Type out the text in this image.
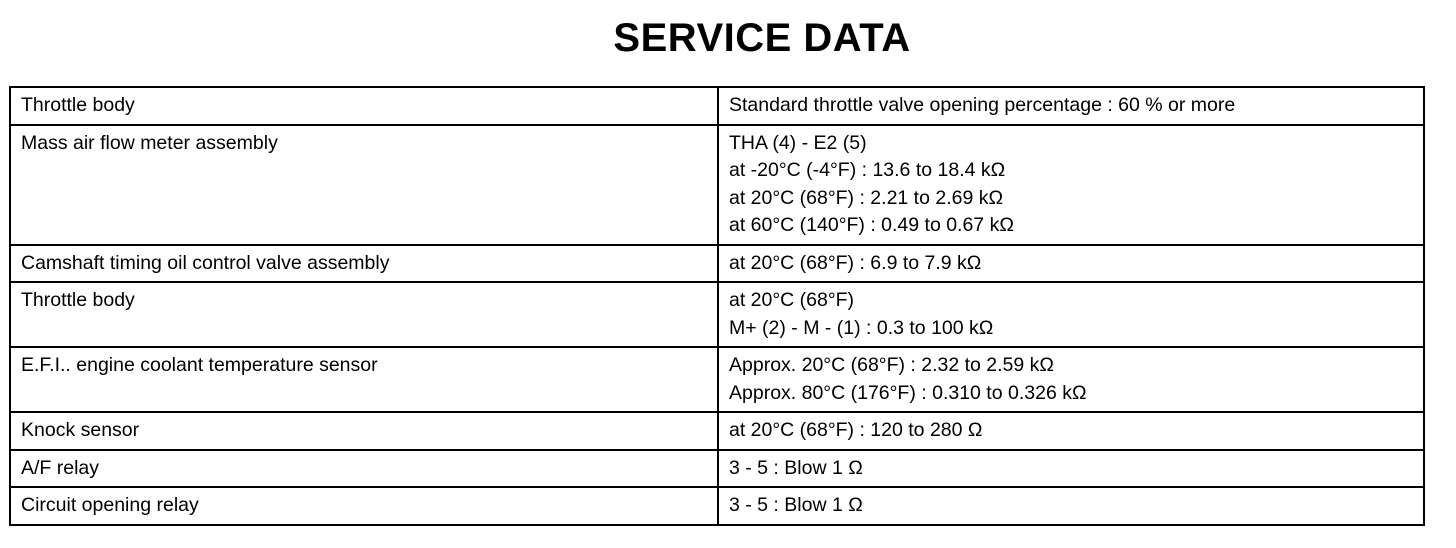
SERVICE DATA
Throttle body	Standard throttle valve opening percentage : 60 % or more

Mass air flow meter assembly	THA (4) - E2 (5)
at -20°C (-4°F) : 13.6 to 18.4 kΩ
at 20°C (68°F) : 2.21 to 2.69 kΩ
at 60°C (140°F) : 0.49 to 0.67 kΩ

Camshaft timing oil control valve assembly	at 20°C (68°F) : 6.9 to 7.9 kΩ

Throttle body	at 20°C (68°F)
M+ (2) - M - (1) : 0.3 to 100 kΩ

E.F.I.. engine coolant temperature sensor	Approx. 20°C (68°F) : 2.32 to 2.59 kΩ
Approx. 80°C (176°F) : 0.310 to 0.326 kΩ

Knock sensor	at 20°C (68°F) : 120 to 280 Ω

A/F relay	3 - 5 : Blow 1 Ω

Circuit opening relay	3 - 5 : Blow 1 Ω
